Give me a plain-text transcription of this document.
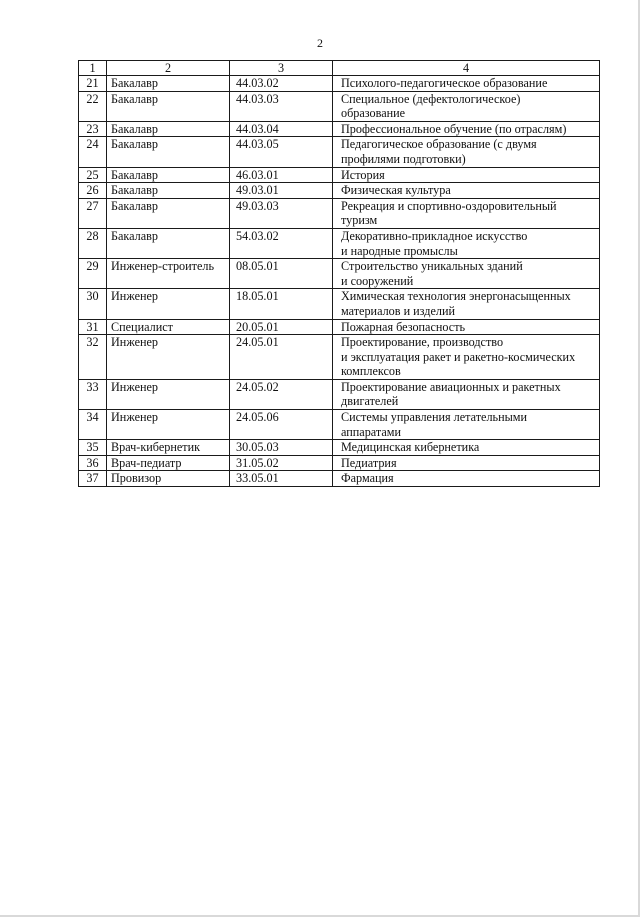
2
1	2	3	4
21	Бакалавр	44.03.02	Психолого-педагогическое образование

22	Бакалавр	44.03.03	Специальное (дефектологическое)
образование

23	Бакалавр	44.03.04	Профессиональное обучение (по отраслям)

24	Бакалавр	44.03.05	Педагогическое образование (с двумя
профилями подготовки)

25	Бакалавр	46.03.01	История

26	Бакалавр	49.03.01	Физическая культура

27	Бакалавр	49.03.03	Рекреация и спортивно-оздоровительный
туризм

28	Бакалавр	54.03.02	Декоративно-прикладное искусство
и народные промыслы

29	Инженер-строитель	08.05.01	Строительство уникальных зданий
и сооружений

30	Инженер	18.05.01	Химическая технология энергонасыщенных
материалов и изделий

31	Специалист	20.05.01	Пожарная безопасность

32	Инженер	24.05.01	Проектирование, производство
и эксплуатация ракет и ракетно-космических
комплексов

33	Инженер	24.05.02	Проектирование авиационных и ракетных
двигателей

34	Инженер	24.05.06	Системы управления летательными
аппаратами

35	Врач-кибернетик	30.05.03	Медицинская кибернетика

36	Врач-педиатр	31.05.02	Педиатрия

37	Провизор	33.05.01	Фармация
